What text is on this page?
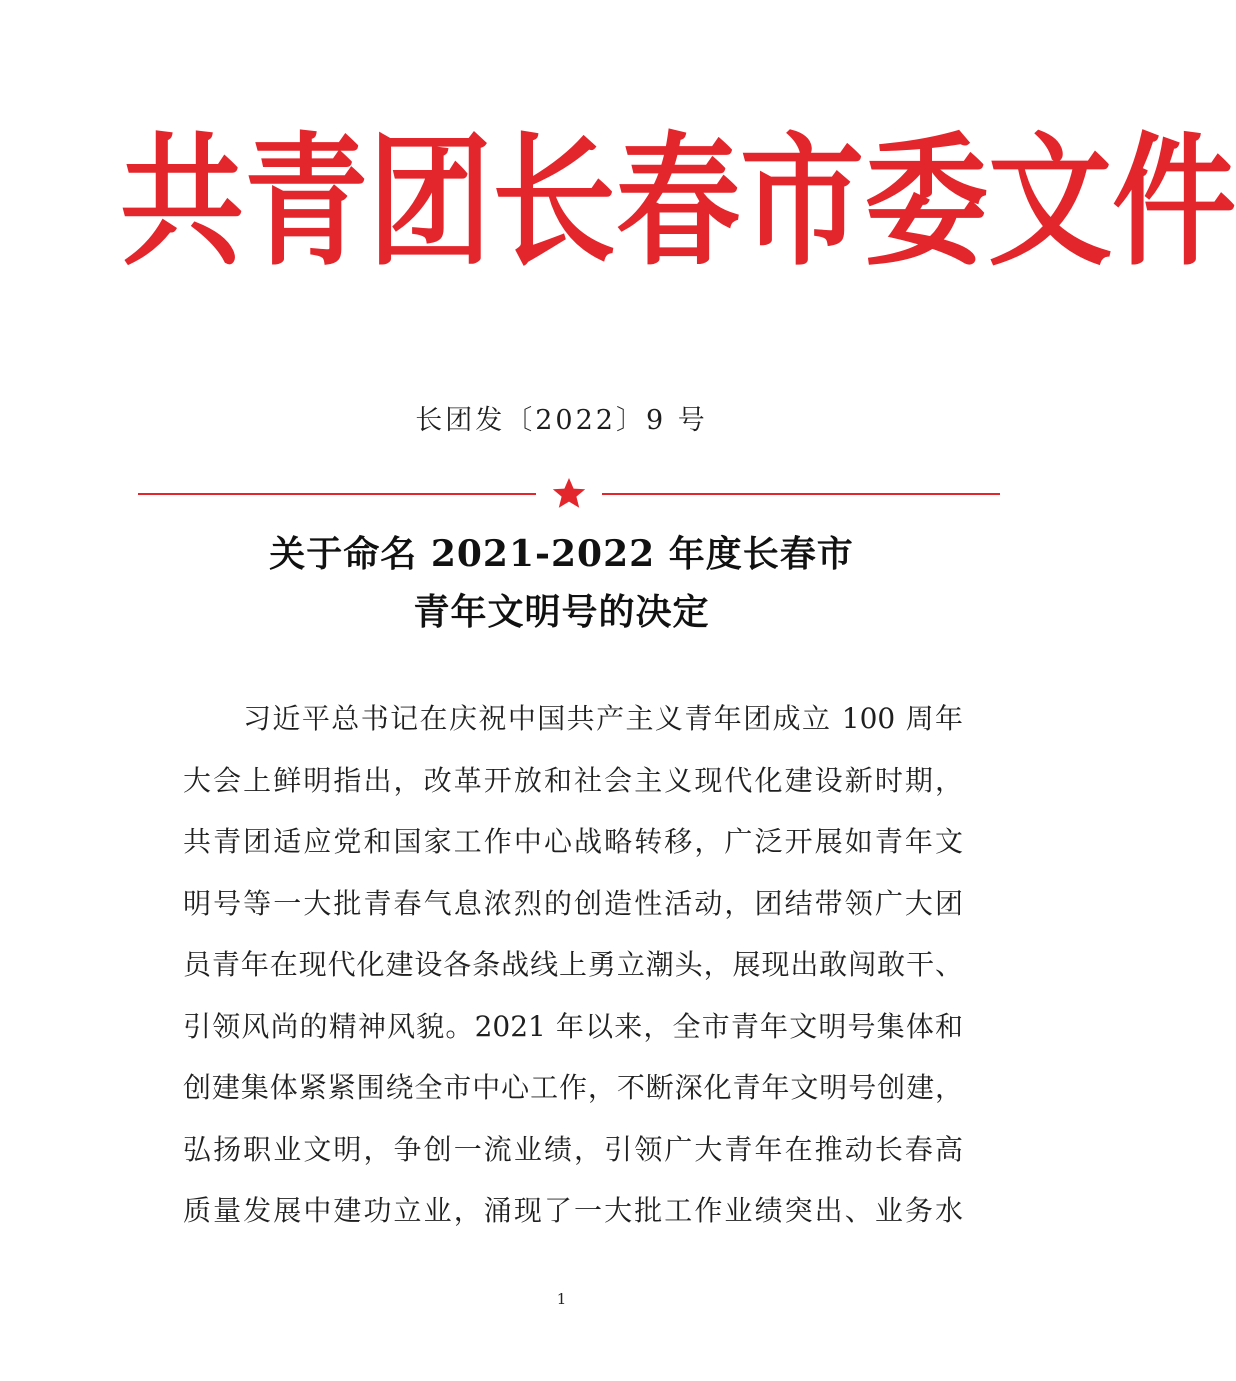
共 青 团 长 春 市 委 文 件
长团发〔2022〕9 号
关于命名 2021-2022 年度长春市
青年文明号的决定
习近平总书记在庆祝中国共产主义青年团成立 100 周年
大会上鲜明指出，改革开放和社会主义现代化建设新时期，
共青团适应党和国家工作中心战略转移，广泛开展如青年文
明号等一大批青春气息浓烈的创造性活动，团结带领广大团
员青年在现代化建设各条战线上勇立潮头，展现出敢闯敢干、
引领风尚的精神风貌。2021 年以来，全市青年文明号集体和
创建集体紧紧围绕全市中心工作，不断深化青年文明号创建，
弘扬职业文明，争创一流业绩，引领广大青年在推动长春高
质量发展中建功立业，涌现了一大批工作业绩突出、业务水
1
